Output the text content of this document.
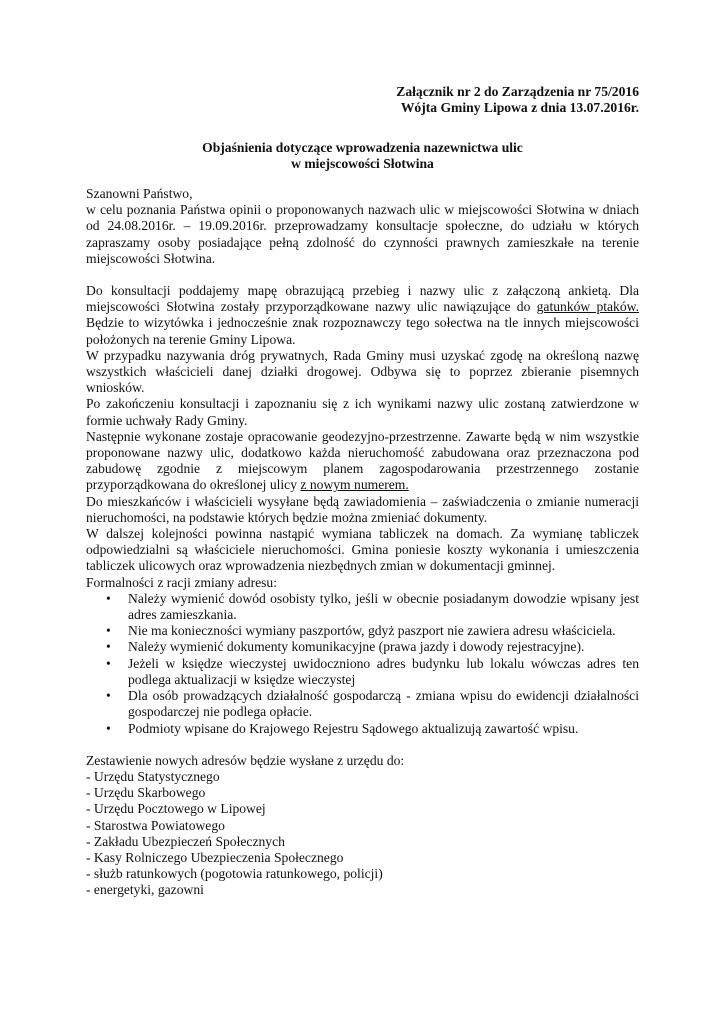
Załącznik nr 2 do Zarządzenia nr 75/2016
Wójta Gminy Lipowa z dnia 13.07.2016r.
Objaśnienia dotyczące wprowadzenia nazewnictwa ulic
w miejscowości Słotwina

Szanowni Państwo,

w celu poznania Państwa opinii o proponowanych nazwach ulic w miejscowości Słotwina w dniach od 24.08.2016r. – 19.09.2016r. przeprowadzamy konsultacje społeczne, do udziału w których zapraszamy osoby posiadające pełną zdolność do czynności prawnych zamieszkałe na terenie miejscowości Słotwina.

Do konsultacji poddajemy mapę obrazującą przebieg i nazwy ulic z załączoną ankietą. Dla miejscowości Słotwina zostały przyporządkowane nazwy ulic nawiązujące do gatunków ptaków. Będzie to wizytówka i jednocześnie znak rozpoznawczy tego sołectwa na tle innych miejscowości położonych na terenie Gminy Lipowa.

W przypadku nazywania dróg prywatnych, Rada Gminy musi uzyskać zgodę na określoną nazwę wszystkich właścicieli danej działki drogowej. Odbywa się to poprzez zbieranie pisemnych wniosków.

Po zakończeniu konsultacji i zapoznaniu się z ich wynikami nazwy ulic zostaną zatwierdzone w formie uchwały Rady Gminy.

Następnie wykonane zostaje opracowanie geodezyjno-przestrzenne. Zawarte będą w nim wszystkie proponowane nazwy ulic, dodatkowo każda nieruchomość zabudowana oraz przeznaczona pod zabudowę zgodnie z miejscowym planem zagospodarowania przestrzennego zostanie przyporządkowana do określonej ulicy z nowym numerem.

Do mieszkańców i właścicieli wysyłane będą zawiadomienia – zaświadczenia o zmianie numeracji nieruchomości, na podstawie których będzie można zmieniać dokumenty.

W dalszej kolejności powinna nastąpić wymiana tabliczek na domach. Za wymianę tabliczek odpowiedzialni są właściciele nieruchomości. Gmina poniesie koszty wykonania i umieszczenia tabliczek ulicowych oraz wprowadzenia niezbędnych zmian w dokumentacji gminnej.

Formalności z racji zmiany adresu:

• Należy wymienić dowód osobisty tylko, jeśli w obecnie posiadanym dowodzie wpisany jest adres zamieszkania.
• Nie ma konieczności wymiany paszportów, gdyż paszport nie zawiera adresu właściciela.
• Należy wymienić dokumenty komunikacyjne (prawa jazdy i dowody rejestracyjne).
• Jeżeli w księdze wieczystej uwidoczniono adres budynku lub lokalu wówczas adres ten podlega aktualizacji w księdze wieczystej
• Dla osób prowadzących działalność gospodarczą - zmiana wpisu do ewidencji działalności gospodarczej nie podlega opłacie.
• Podmioty wpisane do Krajowego Rejestru Sądowego aktualizują zawartość wpisu.

Zestawienie nowych adresów będzie wysłane z urzędu do:

- Urzędu Statystycznego
- Urzędu Skarbowego
- Urzędu Pocztowego w Lipowej
- Starostwa Powiatowego
- Zakładu Ubezpieczeń Społecznych
- Kasy Rolniczego Ubezpieczenia Społecznego
- służb ratunkowych (pogotowia ratunkowego, policji)
- energetyki, gazowni
